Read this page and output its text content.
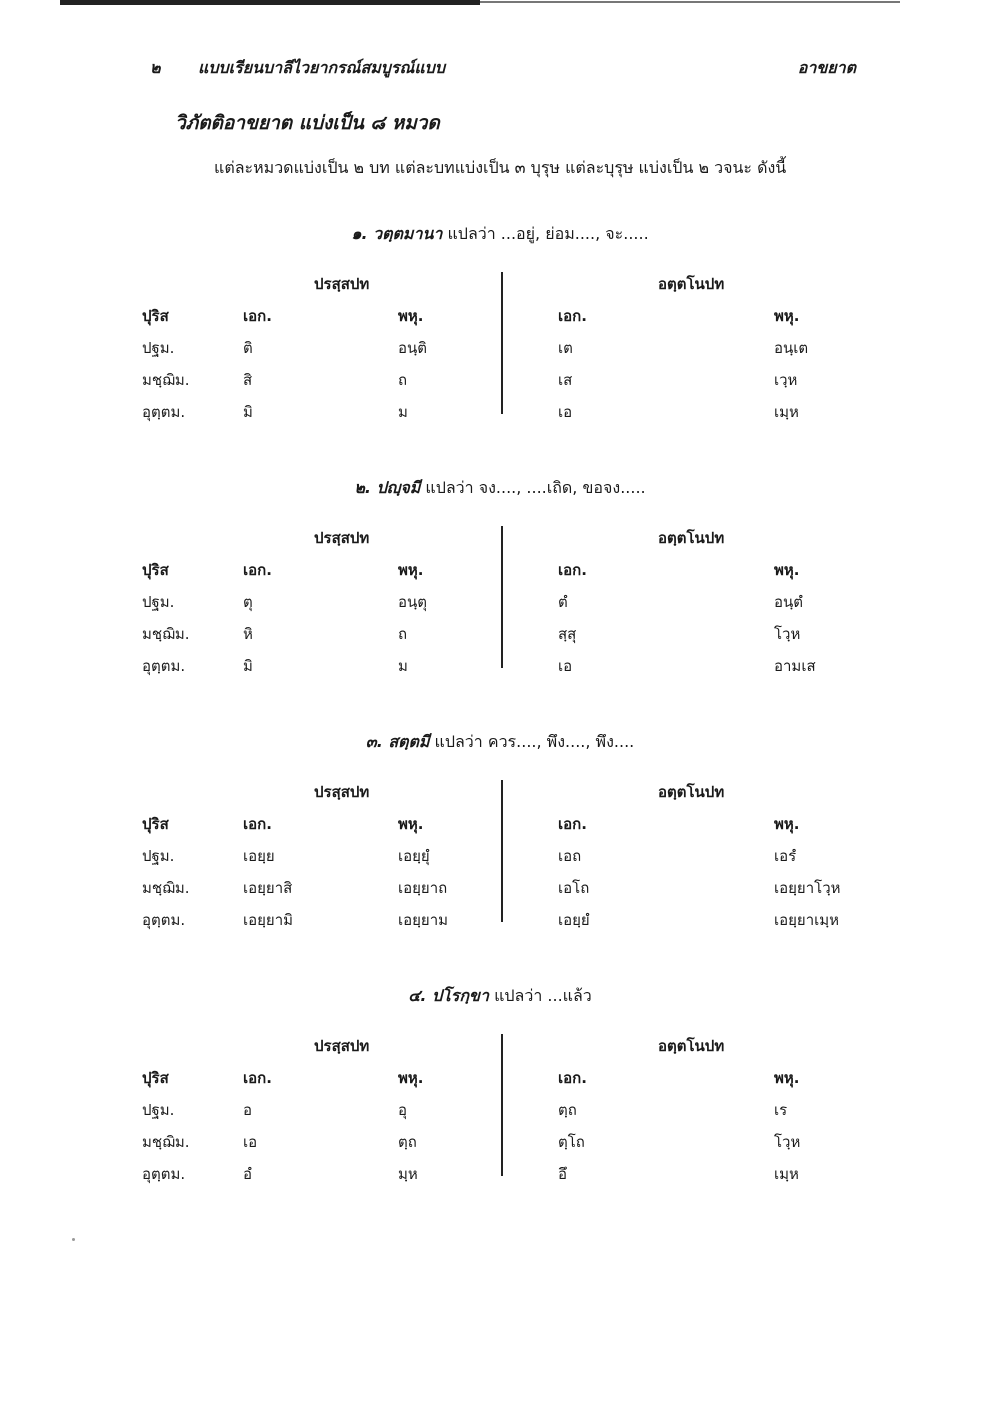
๒ แบบเรียนบาลีไวยากรณ์สมบูรณ์แบบ	อาขยาต
วิภัตติอาขยาต แบ่งเป็น ๘ หมวด
แต่ละหมวดแบ่งเป็น ๒ บท แต่ละบทแบ่งเป็น ๓ บุรุษ แต่ละบุรุษ แบ่งเป็น ๒ วจนะ ดังนี้
๑. วตฺตมานา แปลว่า ...อยู่, ย่อม...., จะ.....
ปรสฺสปท	อตฺตโนปท
ปุริส	เอก.	พหุ.	เอก.	พหุ.
ปฐม.	ติ	อนฺติ	เต	อนฺเต
มชฺฌิม.	สิ	ถ	เส	เวฺห
อุตฺตม.	มิ	ม	เอ	เมฺห
๒. ปญฺจมี แปลว่า จง...., ....เถิด, ขอจง.....
ปรสฺสปท	อตฺตโนปท
ปุริส	เอก.	พหุ.	เอก.	พหุ.
ปฐม.	ตุ	อนฺตุ	ตํ	อนฺตํ
มชฺฌิม.	หิ	ถ	สฺสุ	โวฺห
อุตฺตม.	มิ	ม	เอ	อามเส
๓. สตฺตมี แปลว่า ควร...., พึง...., พึง....
ปรสฺสปท	อตฺตโนปท
ปุริส	เอก.	พหุ.	เอก.	พหุ.
ปฐม.	เอยฺย	เอยฺยุํ	เอถ	เอรํ
มชฺฌิม.	เอยฺยาสิ	เอยฺยาถ	เอโถ	เอยฺยาโวฺห
อุตฺตม.	เอยฺยามิ	เอยฺยาม	เอยฺยํ	เอยฺยาเมฺห
๔. ปโรกฺขา แปลว่า ...แล้ว
ปรสฺสปท	อตฺตโนปท
ปุริส	เอก.	พหุ.	เอก.	พหุ.
ปฐม.	อ	อุ	ตฺถ	เร
มชฺฌิม.	เอ	ตฺถ	ตฺโถ	โวฺห
อุตฺตม.	อํ	มฺห	อึ	เมฺห
